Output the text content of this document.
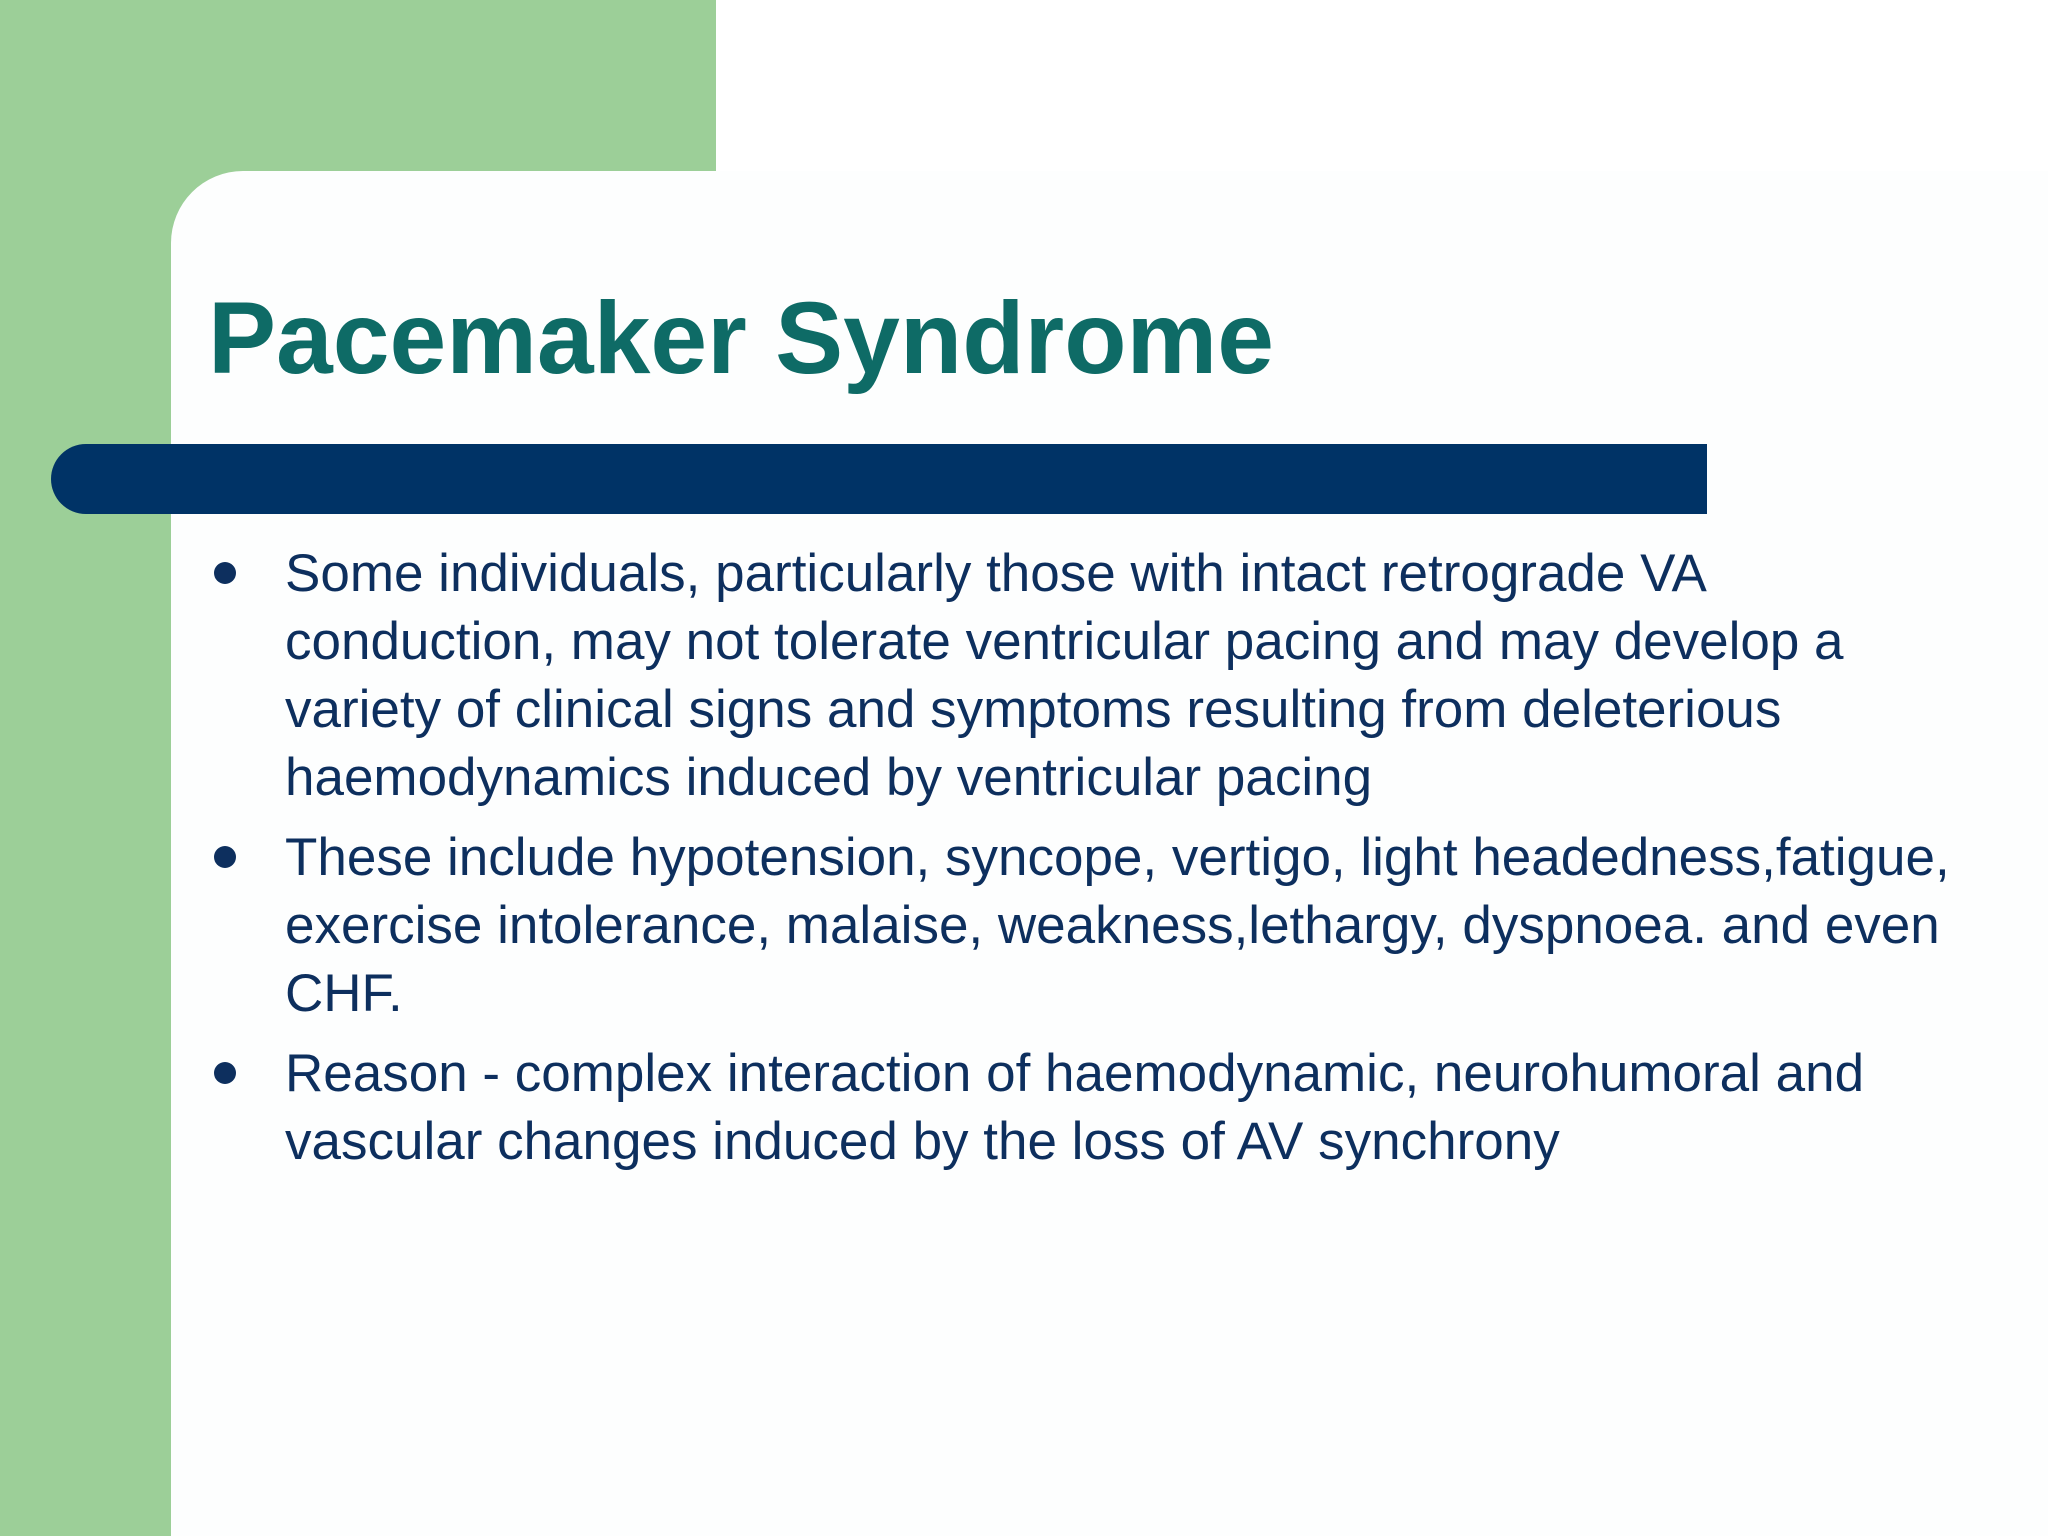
Pacemaker Syndrome
Some individuals, particularly those with intact retrograde VA conduction, may not tolerate ventricular pacing and may develop a variety of clinical signs and symptoms resulting from deleterious haemodynamics induced by ventricular pacing
These include hypotension, syncope, vertigo, light headedness,fatigue, exercise intolerance, malaise, weakness,lethargy, dyspnoea. and even CHF.
Reason - complex interaction of haemodynamic, neurohumoral and vascular changes induced by the loss of AV synchrony
